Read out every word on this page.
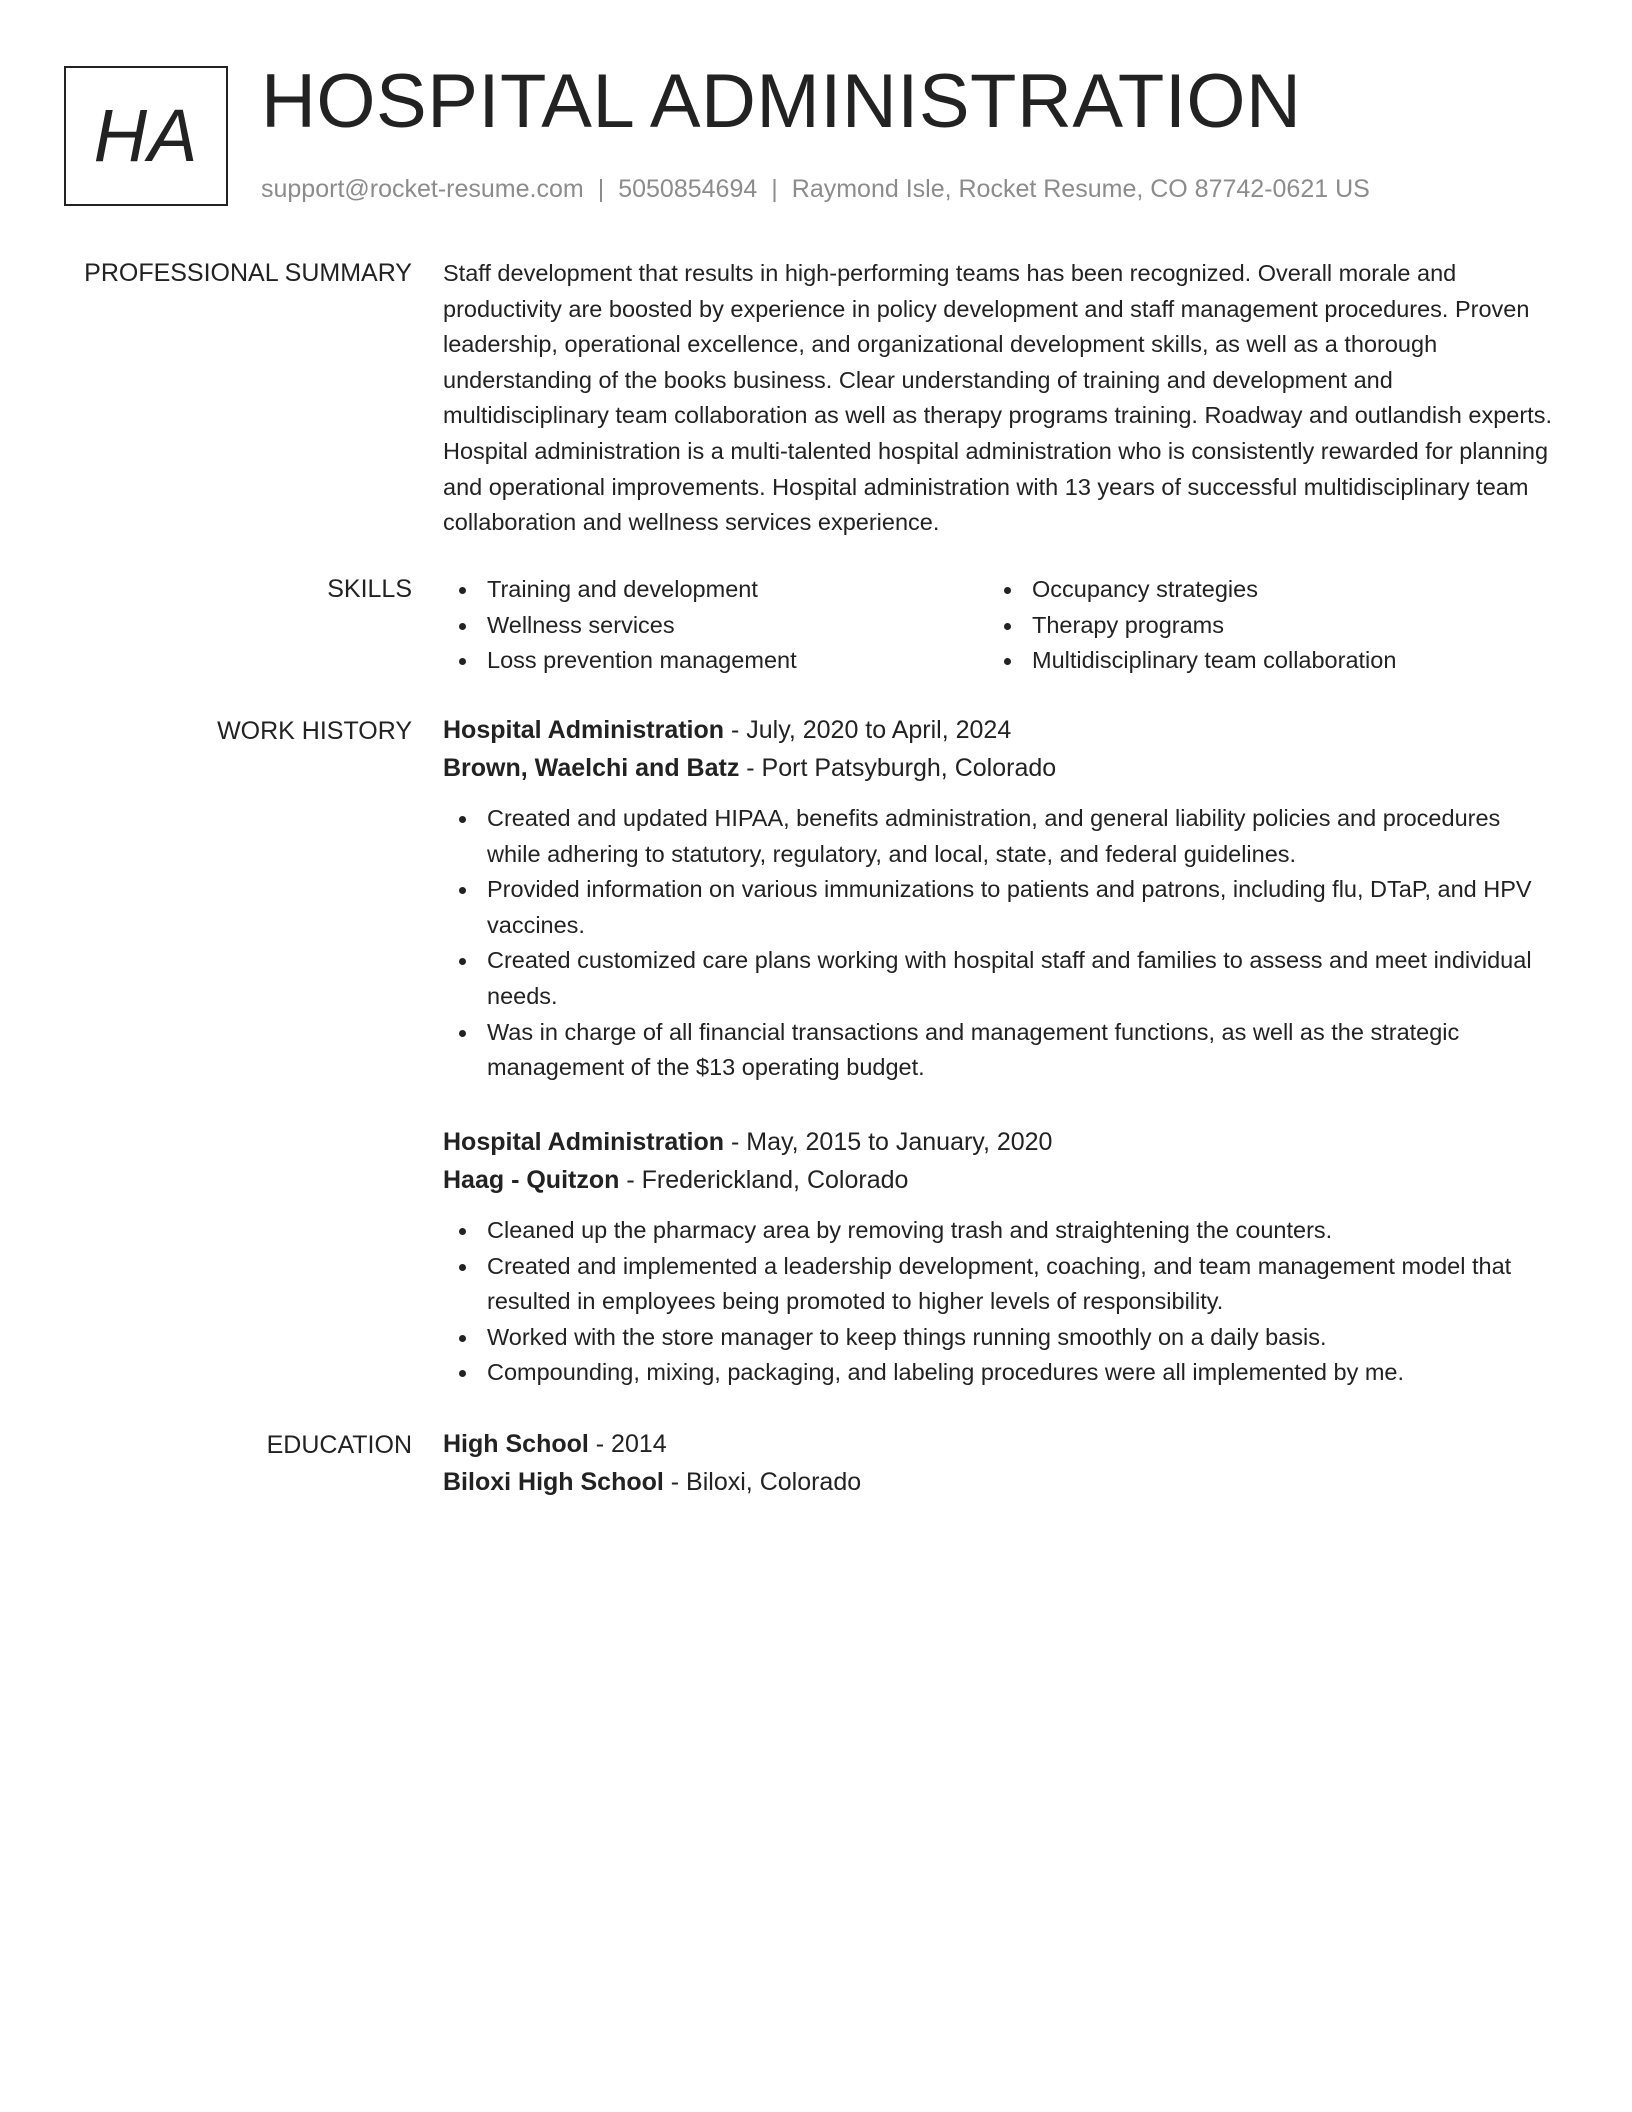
HA HOSPITAL ADMINISTRATION
support@rocket-resume.com | 5050854694 | Raymond Isle, Rocket Resume, CO 87742-0621 US
PROFESSIONAL SUMMARY Staff development that results in high-performing teams has been recognized. Overall morale and productivity are boosted by experience in policy development and staff management procedures. Proven leadership, operational excellence, and organizational development skills, as well as a thorough understanding of the books business. Clear understanding of training and development and multidisciplinary team collaboration as well as therapy programs training. Roadway and outlandish experts. Hospital administration is a multi-talented hospital administration who is consistently rewarded for planning and operational improvements. Hospital administration with 13 years of successful multidisciplinary team collaboration and wellness services experience.

SKILLS	Training and development
Wellness services
Loss prevention management
Occupancy strategies
Therapy programs
Multidisciplinary team collaboration
WORK HISTORY Hospital Administration - July, 2020 to April, 2024
Brown, Waelchi and Batz - Port Patsyburgh, Colorado
Created and updated HIPAA, benefits administration, and general liability policies and procedures while adhering to statutory, regulatory, and local, state, and federal guidelines.
Provided information on various immunizations to patients and patrons, including flu, DTaP, and HPV vaccines.
Created customized care plans working with hospital staff and families to assess and meet individual needs.
Was in charge of all financial transactions and management functions, as well as the strategic management of the $13 operating budget.
Hospital Administration - May, 2015 to January, 2020
Haag - Quitzon - Frederickland, Colorado
Cleaned up the pharmacy area by removing trash and straightening the counters.
Created and implemented a leadership development, coaching, and team management model that resulted in employees being promoted to higher levels of responsibility.
Worked with the store manager to keep things running smoothly on a daily basis.
Compounding, mixing, packaging, and labeling procedures were all implemented by me.
EDUCATION High School - 2014
Biloxi High School - Biloxi, Colorado
